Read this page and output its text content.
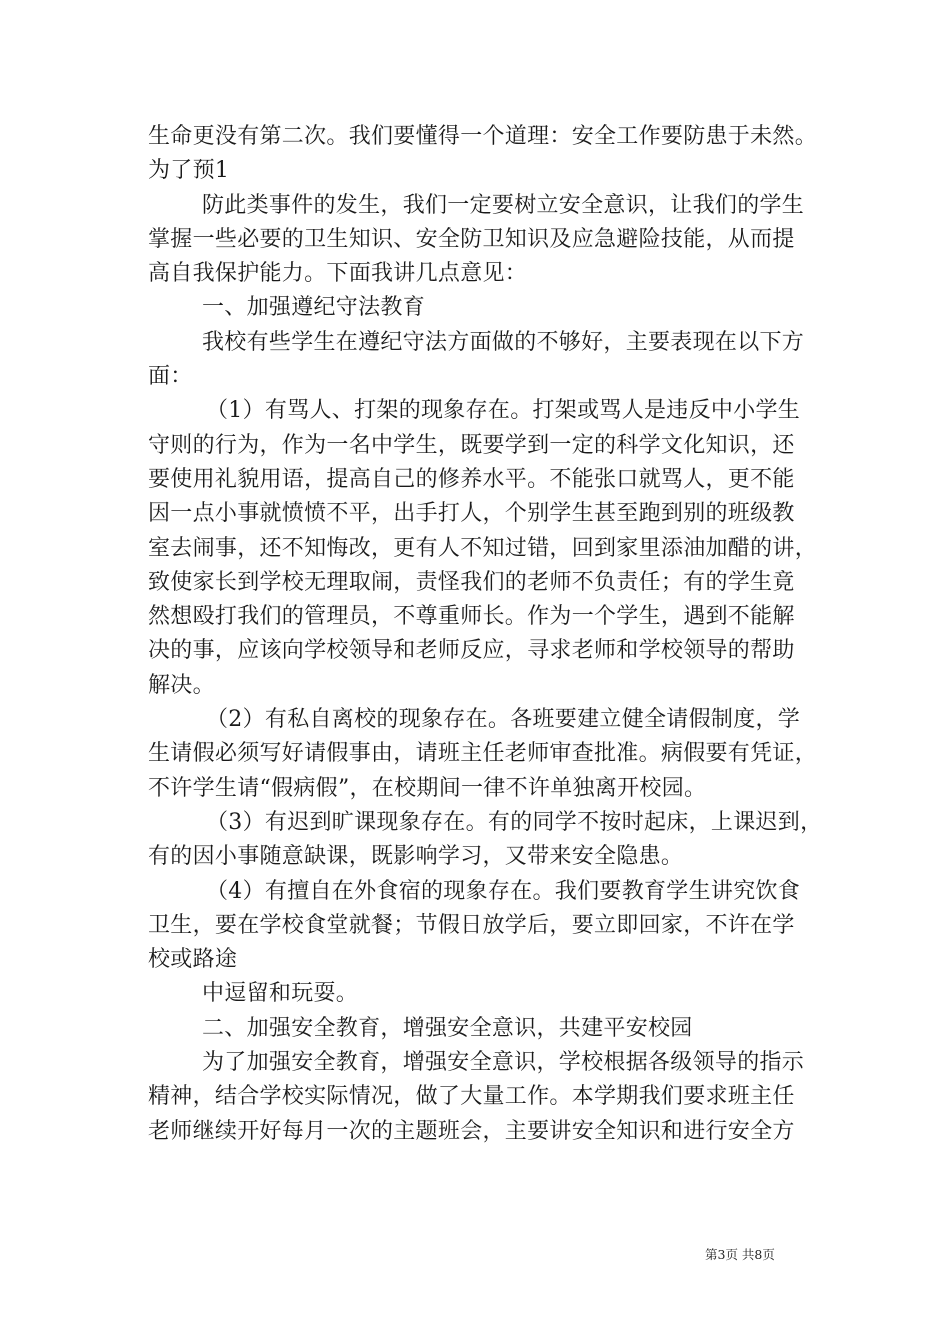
生命更没有第二次。我们要懂得一个道理：安全工作要防患于未然。
为了预1
防此类事件的发生，我们一定要树立安全意识，让我们的学生
掌握一些必要的卫生知识、安全防卫知识及应急避险技能，从而提
高自我保护能力。下面我讲几点意见：
一、加强遵纪守法教育
我校有些学生在遵纪守法方面做的不够好，主要表现在以下方
面：
（1）有骂人、打架的现象存在。打架或骂人是违反中小学生
守则的行为，作为一名中学生，既要学到一定的科学文化知识，还
要使用礼貌用语，提高自己的修养水平。不能张口就骂人，更不能
因一点小事就愤愤不平，出手打人，个别学生甚至跑到别的班级教
室去闹事，还不知悔改，更有人不知过错，回到家里添油加醋的讲，
致使家长到学校无理取闹，责怪我们的老师不负责任；有的学生竟
然想殴打我们的管理员，不尊重师长。作为一个学生，遇到不能解
决的事，应该向学校领导和老师反应，寻求老师和学校领导的帮助
解决。
（2）有私自离校的现象存在。各班要建立健全请假制度，学
生请假必须写好请假事由，请班主任老师审查批准。病假要有凭证，
不许学生请“假病假”，在校期间一律不许单独离开校园。
（3）有迟到旷课现象存在。有的同学不按时起床，上课迟到，
有的因小事随意缺课，既影响学习，又带来安全隐患。
（4）有擅自在外食宿的现象存在。我们要教育学生讲究饮食
卫生，要在学校食堂就餐；节假日放学后，要立即回家，不许在学
校或路途
中逗留和玩耍。
二、加强安全教育，增强安全意识，共建平安校园
为了加强安全教育，增强安全意识，学校根据各级领导的指示
精神，结合学校实际情况，做了大量工作。本学期我们要求班主任
老师继续开好每月一次的主题班会，主要讲安全知识和进行安全方
第3页 共8页
